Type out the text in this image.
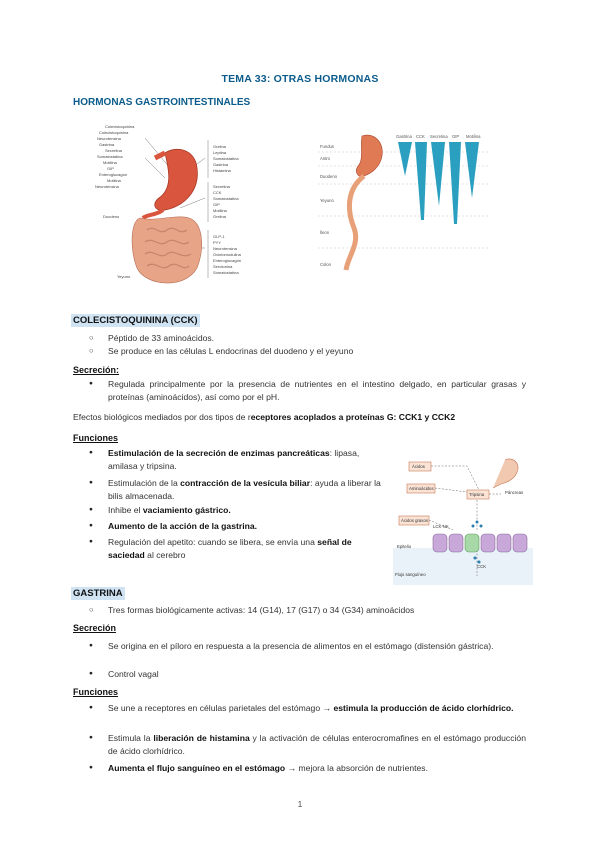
TEMA 33: OTRAS HORMONAS
HORMONAS GASTROINTESTINALES
Colecistoquinina
Colecistoquinina
Neurotensina
Gastrina
Secretina
Somatostatina
Motilina
GIP
Enteroglucagón
Motilina
Neurotensina
Grelina
Leptina
Somatostatina
Gastrina
Histamina
Secretina
CCK
Somatostatina
GIP
Motilina
Grelina
GLP-1
PYY
Neurotensina
Oxintomodulina
Enteroglucagón
Serotonina
Somatostatina
Duodeno
Yeyuno
Gastrina CCK Secretina GIP Motilina
Fundus
Antro
Duodeno
Yeyuno
Íleon
Colon
COLECISTOQUININA (CCK)
○ Péptido de 33 aminoácidos.
○ Se produce en las células L endocrinas del duodeno y el yeyuno
Secreción:
● Regulada principalmente por la presencia de nutrientes en el intestino delgado, en particular grasas y proteínas (aminoácidos), así como por el pH.
Efectos biológicos mediados por dos tipos de receptores acoplados a proteínas G: CCK1 y CCK2
Funciones
● Estimulación de la secreción de enzimas pancreáticas: lipasa, amilasa y tripsina.
● Estimulación de la contracción de la vesícula biliar: ayuda a liberar la bilis almacenada.
● Inhibe el vaciamiento gástrico.
● Aumento de la acción de la gastrina.
● Regulación del apetito: cuando se libera, se envía una señal de saciedad al cerebro
Ácidos
Aminoácidos
Ácidos grasos
Tripsina	Páncreas
CCK
Epitelio
Flujo sanguíneo
LCK-NK
GASTRINA
○ Tres formas biológicamente activas: 14 (G14), 17 (G17) o 34 (G34) aminoácidos
Secreción
● Se origina en el píloro en respuesta a la presencia de alimentos en el estómago (distensión gástrica).
● Control vagal
Funciones
● Se une a receptores en células parietales del estómago → estimula la producción de ácido clorhídrico.
● Estimula la liberación de histamina y la activación de células enterocromafines en el estómago producción de ácido clorhídrico.
● Aumenta el flujo sanguíneo en el estómago → mejora la absorción de nutrientes.
1
